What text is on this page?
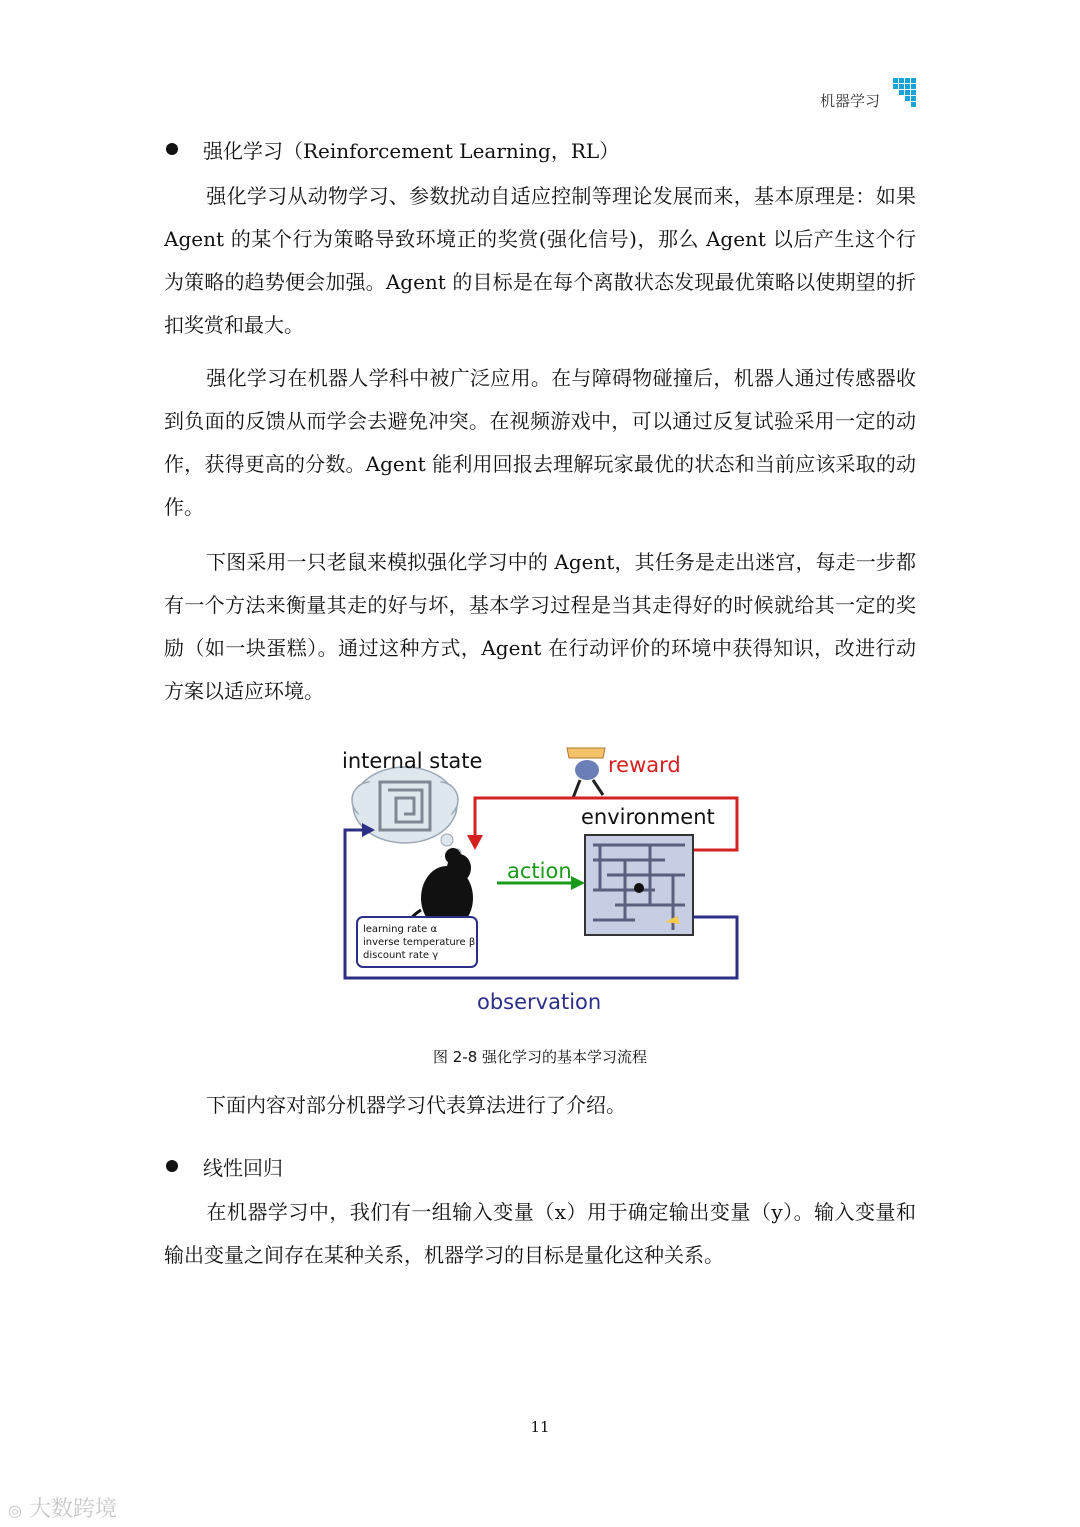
机器学习
强化学习（Reinforcement Learning，RL）

强化学习从动物学习、参数扰动自适应控制等理论发展而来，基本原理是：如果 Agent 的某个行为策略导致环境正的奖赏(强化信号)，那么 Agent 以后产生这个行为策略的趋势便会加强。Agent 的目标是在每个离散状态发现最优策略以使期望的折扣奖赏和最大。

强化学习在机器人学科中被广泛应用。在与障碍物碰撞后，机器人通过传感器收到负面的反馈从而学会去避免冲突。在视频游戏中，可以通过反复试验采用一定的动作，获得更高的分数。Agent 能利用回报去理解玩家最优的状态和当前应该采取的动作。

下图采用一只老鼠来模拟强化学习中的 Agent，其任务是走出迷宫，每走一步都有一个方法来衡量其走的好与坏，基本学习过程是当其走得好的时候就给其一定的奖励（如一块蛋糕）。通过这种方式，Agent 在行动评价的环境中获得知识，改进行动方案以适应环境。

internal state	reward
environment
action
learning rate α
inverse temperature β
discount rate γ
observation
图 2-8 强化学习的基本学习流程

下面内容对部分机器学习代表算法进行了介绍。

线性回归

在机器学习中，我们有一组输入变量（x）用于确定输出变量（y）。输入变量和输出变量之间存在某种关系，机器学习的目标是量化这种关系。

11
◎ 大数跨境
